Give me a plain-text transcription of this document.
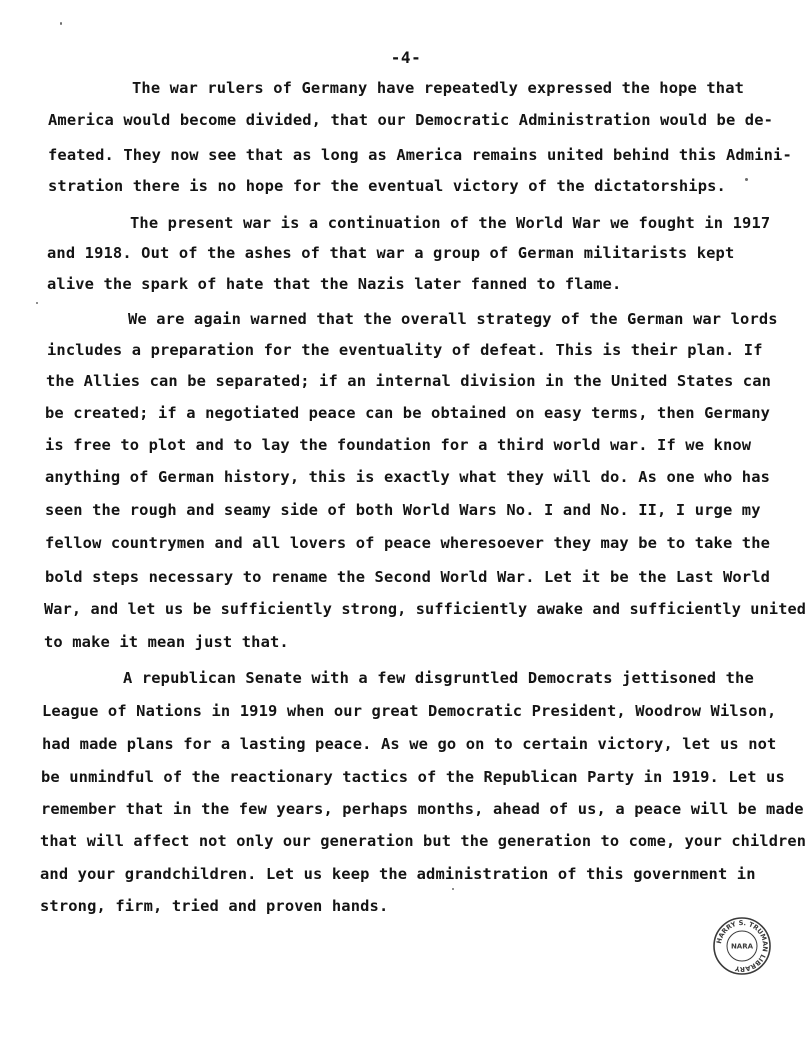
-4-
The war rulers of Germany have repeatedly expressed the hope that
America would become divided, that our Democratic Administration would be de-
feated. They now see that as long as America remains united behind this Admini-
stration there is no hope for the eventual victory of the dictatorships.
The present war is a continuation of the World War we fought in 1917
and 1918. Out of the ashes of that war a group of German militarists kept
alive the spark of hate that the Nazis later fanned to flame.
We are again warned that the overall strategy of the German war lords
includes a preparation for the eventuality of defeat. This is their plan. If
the Allies can be separated; if an internal division in the United States can
be created; if a negotiated peace can be obtained on easy terms, then Germany
is free to plot and to lay the foundation for a third world war. If we know
anything of German history, this is exactly what they will do. As one who has
seen the rough and seamy side of both World Wars No. I and No. II, I urge my
fellow countrymen and all lovers of peace wheresoever they may be to take the
bold steps necessary to rename the Second World War. Let it be the Last World
War, and let us be sufficiently strong, sufficiently awake and sufficiently united
to make it mean just that.
A republican Senate with a few disgruntled Democrats jettisoned the
League of Nations in 1919 when our great Democratic President, Woodrow Wilson,
had made plans for a lasting peace. As we go on to certain victory, let us not
be unmindful of the reactionary tactics of the Republican Party in 1919. Let us
remember that in the few years, perhaps months, ahead of us, a peace will be made
that will affect not only our generation but the generation to come, your children
and your grandchildren. Let us keep the administration of this government in
strong, firm, tried and proven hands.
HARRY S. TRUMAN LIBRARY
NARA
